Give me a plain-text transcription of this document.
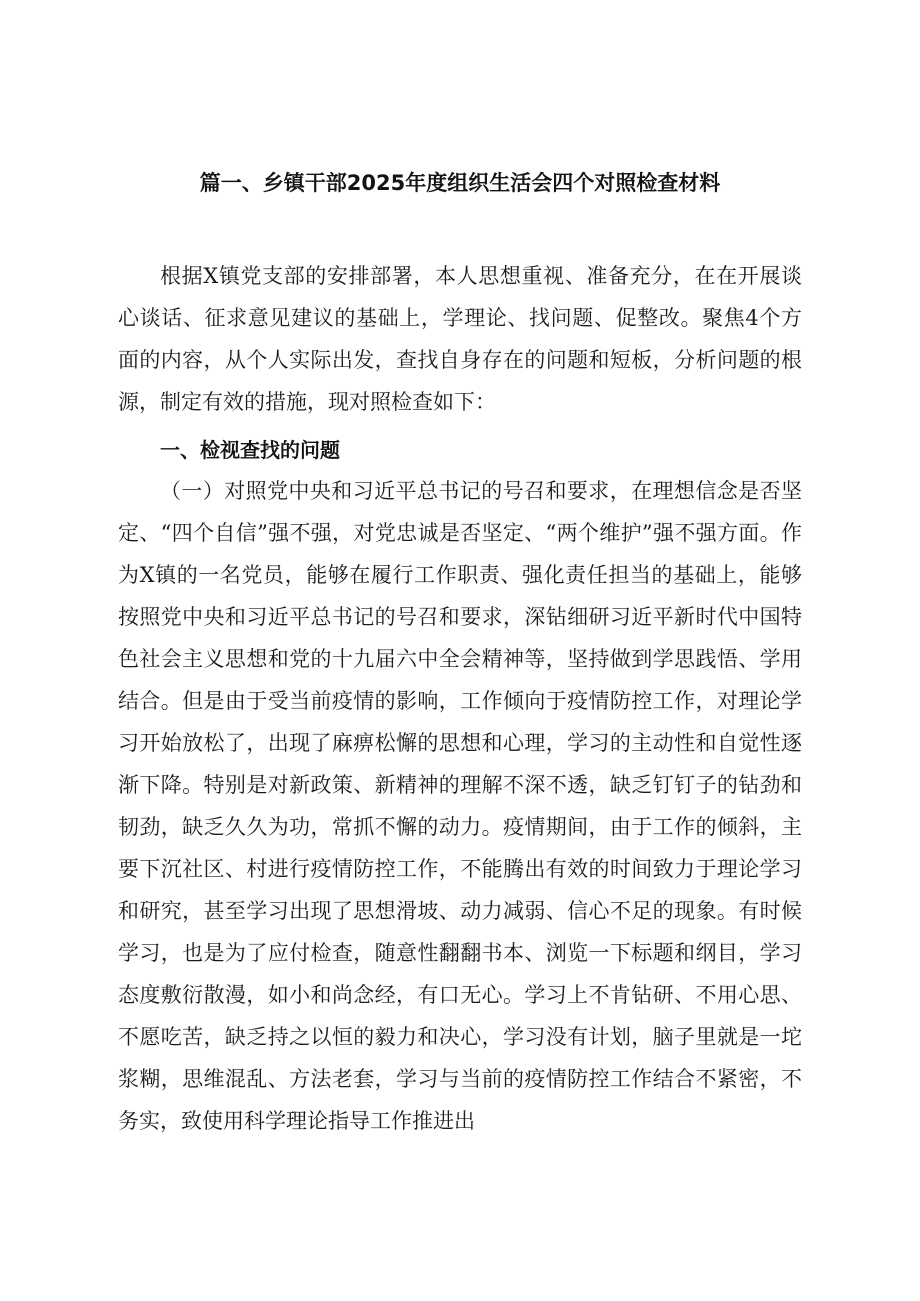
篇一、乡镇干部2025年度组织生活会四个对照检查材料

根据X镇党支部的安排部署，本人思想重视、准备充分，在在开展谈心谈话、征求意见建议的基础上，学理论、找问题、促整改。聚焦4个方面的内容，从个人实际出发，查找自身存在的问题和短板，分析问题的根源，制定有效的措施，现对照检查如下：

一、检视查找的问题

（一）对照党中央和习近平总书记的号召和要求，在理想信念是否坚定、“四个自信”强不强，对党忠诚是否坚定、“两个维护”强不强方面。作为X镇的一名党员，能够在履行工作职责、强化责任担当的基础上，能够按照党中央和习近平总书记的号召和要求，深钻细研习近平新时代中国特色社会主义思想和党的十九届六中全会精神等，坚持做到学思践悟、学用结合。但是由于受当前疫情的影响，工作倾向于疫情防控工作，对理论学习开始放松了，出现了麻痹松懈的思想和心理，学习的主动性和自觉性逐渐下降。特别是对新政策、新精神的理解不深不透，缺乏钉钉子的钻劲和韧劲，缺乏久久为功，常抓不懈的动力。疫情期间，由于工作的倾斜，主要下沉社区、村进行疫情防控工作，不能腾出有效的时间致力于理论学习和研究，甚至学习出现了思想滑坡、动力减弱、信心不足的现象。有时候学习，也是为了应付检查，随意性翻翻书本、浏览一下标题和纲目，学习态度敷衍散漫，如小和尚念经，有口无心。学习上不肯钻研、不用心思、不愿吃苦，缺乏持之以恒的毅力和决心，学习没有计划，脑子里就是一坨浆糊，思维混乱、方法老套，学习与当前的疫情防控工作结合不紧密，不务实，致使用科学理论指导工作推进出
